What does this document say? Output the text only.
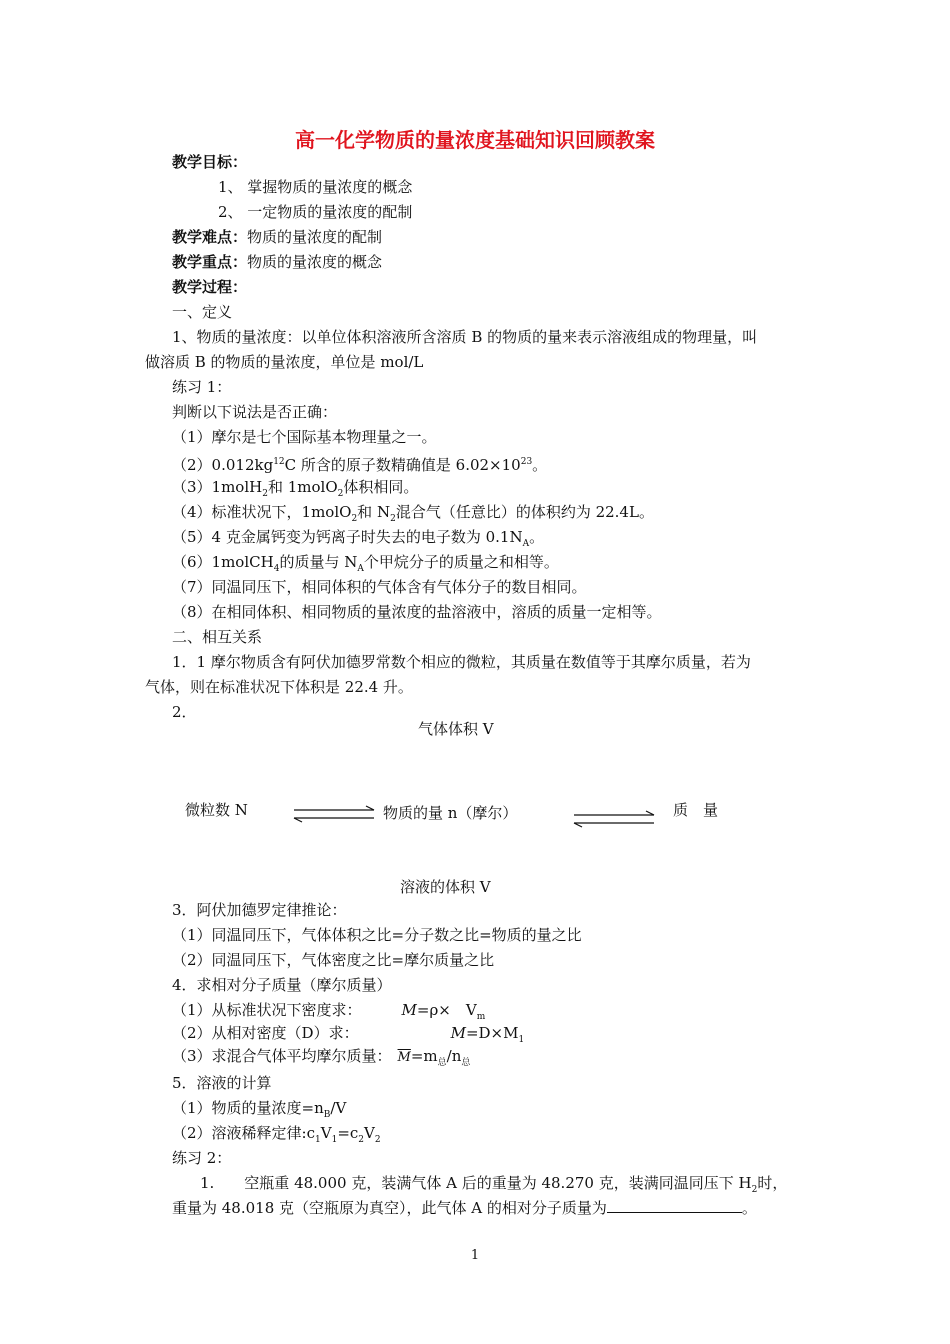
高一化学物质的量浓度基础知识回顾教案
教学目标：
1、 掌握物质的量浓度的概念
2、 一定物质的量浓度的配制
教学难点：物质的量浓度的配制
教学重点：物质的量浓度的概念
教学过程：
一、定义
1、物质的量浓度：以单位体积溶液所含溶质 B 的物质的量来表示溶液组成的物理量，叫
做溶质 B 的物质的量浓度，单位是 mol/L
练习 1：
判断以下说法是否正确：
（1）摩尔是七个国际基本物理量之一。
$(2)0.012kg^{12}C$ 所含的原子数精确值是 $6.02\times 10^{23}$。
（3）1molH$_2$和 1molO$_2$体积相同。
（4）标准状况下，1molO$_2$和 $N_2$混合气（任意比）的体积约为 22.4L。
（5）4 克金属钙变为钙离子时失去的电子数为 $0.1N_A$。
（6）1molCH$_4$的质量与 $N_A$个甲烷分子的质量之和相等。
（7）同温同压下，相同体积的气体含有气体分子的数目相同。
（8）在相同体积、相同物质的量浓度的盐溶液中，溶质的质量一定相等。
二、相互关系
1．1 摩尔物质含有阿伏加德罗常数个相应的微粒，其质量在数值等于其摩尔质量，若为
气体，则在标准状况下体积是 22.4 升。
2．
气体体积 V
微粒数 N	物质的量 n（摩尔）	质　量
溶液的体积 V
3．阿伏加德罗定律推论：
（1）同温同压下，气体体积之比=分子数之比=物质的量之比
（2）同温同压下，气体密度之比=摩尔质量之比
4．求相对分子质量（摩尔质量）
（1）从标准状况下密度求：	M=ρ×　$V_m$
（2）从相对密度（D）求：	$M=D\times M_1$
（3）求混合气体平均摩尔质量： $\overline{M}=m_总/n_总$
5．溶液的计算
（1）物质的量浓度$=n_B/V$
（2）溶液稀释定律$:c_1V_1=c_2V_2$
练习 2：
1.　　空瓶重 48.000 克，装满气体 A 后的重量为 48.270 克，装满同温同压下 $H_2$时，
重量为 48.018 克（空瓶原为真空），此气体 A 的相对分子质量为	。
1
